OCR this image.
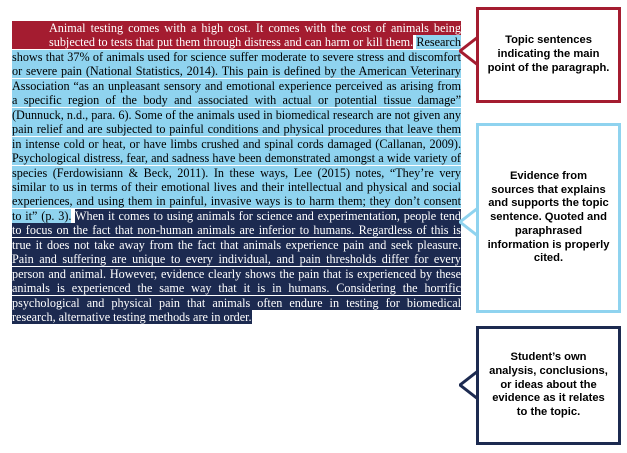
Animal testing comes with a high cost. It comes with the cost of animals being subjected to tests that put them through distress and can harm or kill them. Research shows that 37% of animals used for science suffer moderate to severe stress and discomfort or severe pain (National Statistics, 2014). This pain is defined by the American Veterinary Association “as an unpleasant sensory and emotional experience perceived as arising from a specific region of the body and associated with actual or potential tissue damage” (Dunnuck, n.d., para. 6). Some of the animals used in biomedical research are not given any pain relief and are subjected to painful conditions and physical procedures that leave them in intense cold or heat, or have limbs crushed and spinal cords damaged (Callanan, 2009). Psychological distress, fear, and sadness have been demonstrated amongst a wide variety of species (Ferdowisiann & Beck, 2011). In these ways, Lee (2015) notes, “They’re very similar to us in terms of their emotional lives and their intellectual and physical and social experiences, and using them in painful, invasive ways is to harm them; they don’t consent to it” (p. 3). When it comes to using animals for science and experimentation, people tend to focus on the fact that non-human animals are inferior to humans. Regardless of this is true it does not take away from the fact that animals experience pain and seek pleasure. Pain and suffering are unique to every individual, and pain thresholds differ for every person and animal. However, evidence clearly shows the pain that is experienced by these animals is experienced the same way that it is in humans. Considering the horrific psychological and physical pain that animals often endure in testing for biomedical research, alternative testing methods are in order.
Topic sentences indicating the main point of the paragraph.
Evidence from sources that explains and supports the topic sentence. Quoted and paraphrased information is properly cited.
Student’s own analysis, conclusions, or ideas about the evidence as it relates to the topic.
